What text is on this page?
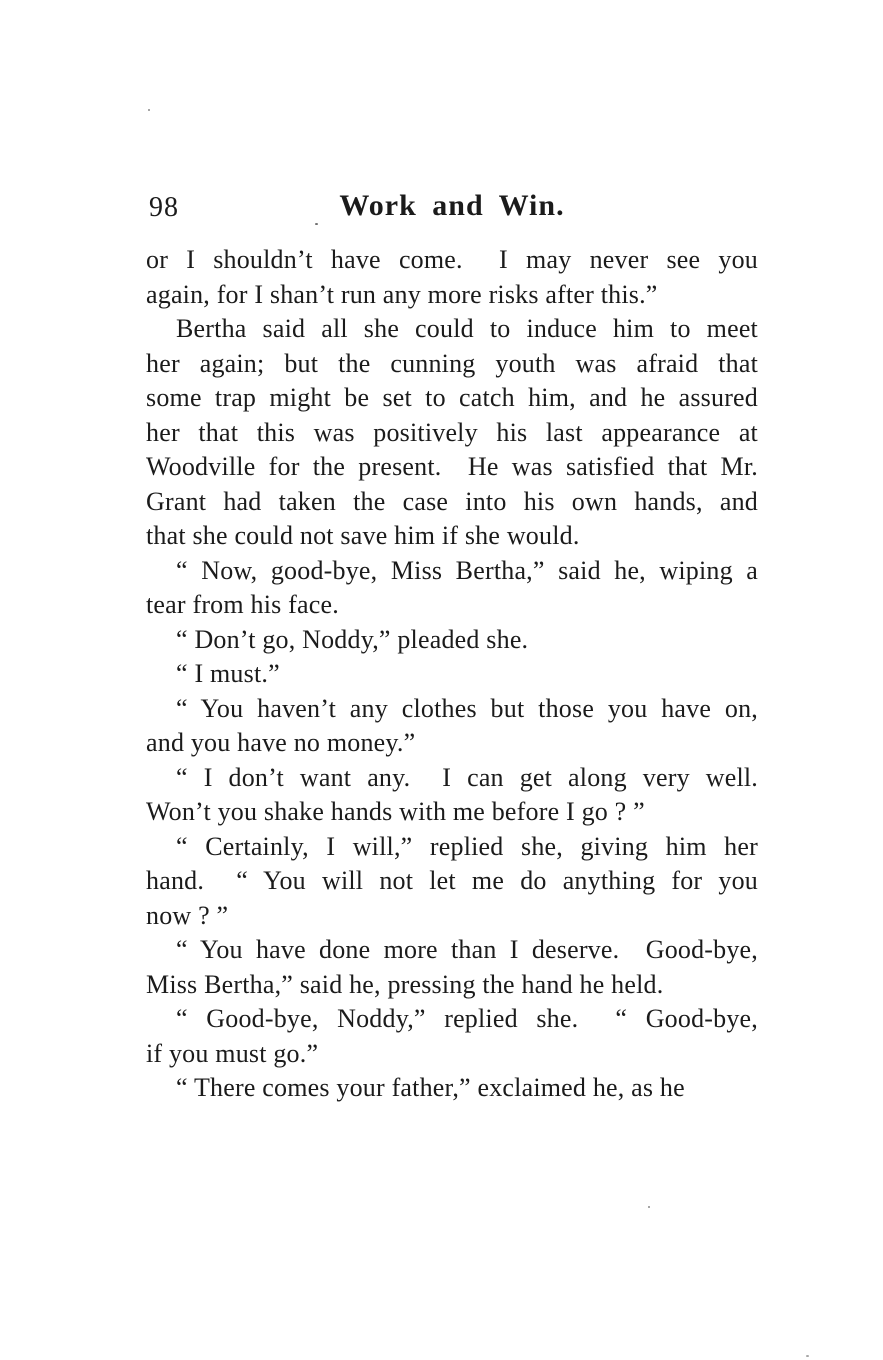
98	Work and Win.
or I shouldn’t have come.  I may never see you
again, for I shan’t run any more risks after this.”
Bertha said all she could to induce him to meet
her again; but the cunning youth was afraid that
some trap might be set to catch him, and he assured
her that this was positively his last appearance at
Woodville for the present.  He was satisfied that Mr.
Grant had taken the case into his own hands, and
that she could not save him if she would.
“ Now, good-bye, Miss Bertha,” said he, wiping a
tear from his face.
“ Don’t go, Noddy,” pleaded she.
“ I must.”
“ You haven’t any clothes but those you have on,
and you have no money.”
“ I don’t want any.  I can get along very well.
Won’t you shake hands with me before I go ? ”
“ Certainly, I will,” replied she, giving him her
hand.  “ You will not let me do anything for you
now ? ”
“ You have done more than I deserve.  Good-bye,
Miss Bertha,” said he, pressing the hand he held.
“ Good-bye, Noddy,” replied she.  “ Good-bye,
if you must go.”
“ There comes your father,” exclaimed he, as he
